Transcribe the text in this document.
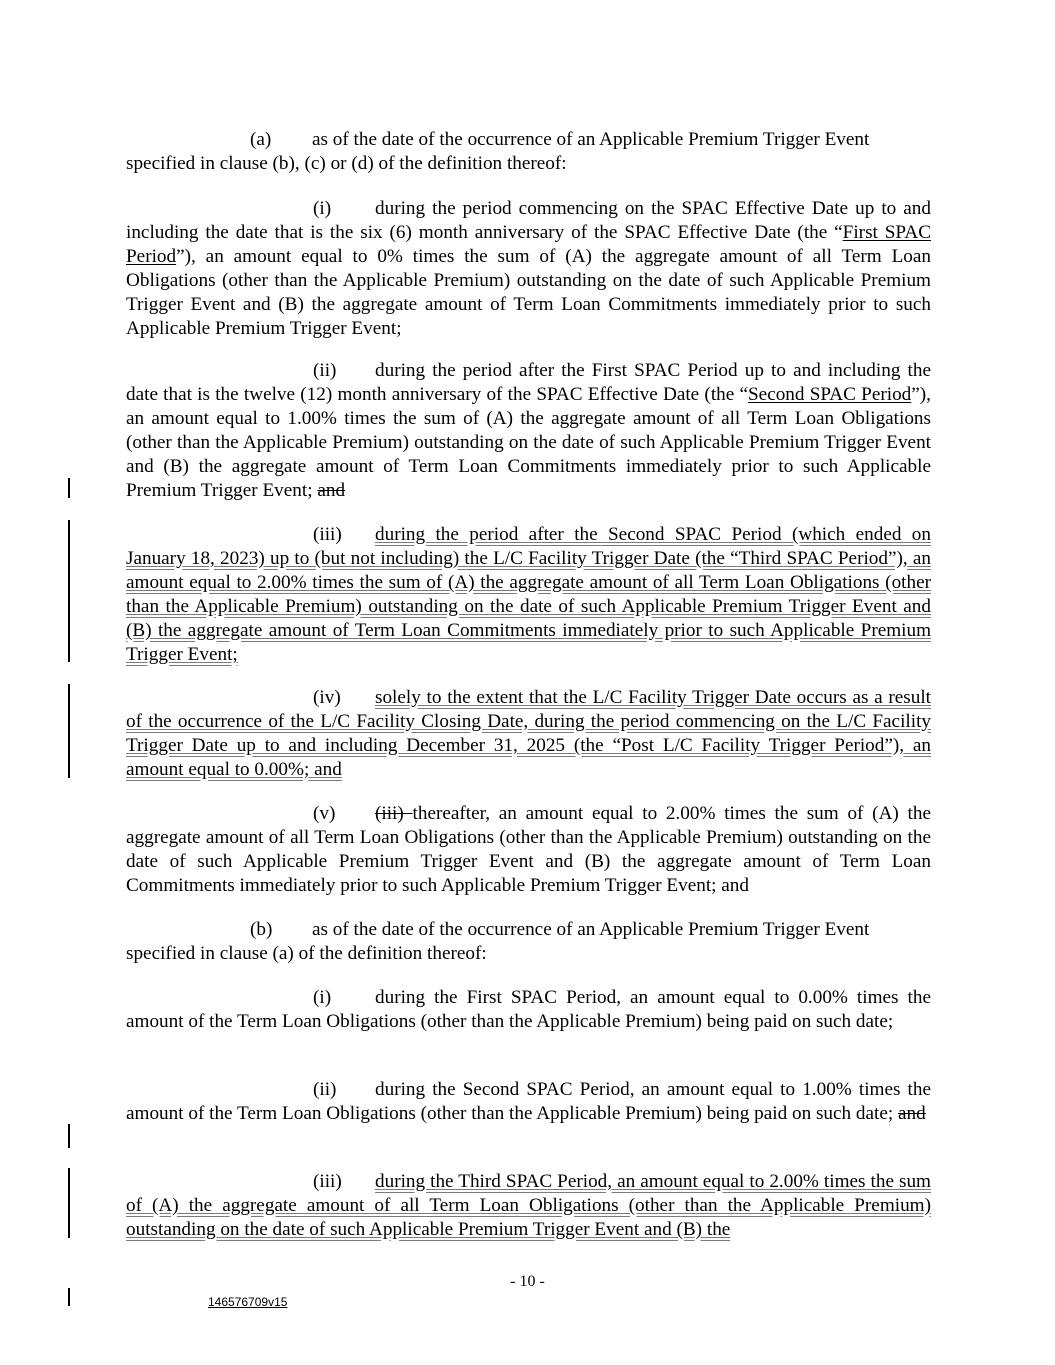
(a) as of the date of the occurrence of an Applicable Premium Trigger Event specified in clause (b), (c) or (d) of the definition thereof:

(i) during the period commencing on the SPAC Effective Date up to and including the date that is the six (6) month anniversary of the SPAC Effective Date (the “First SPAC Period”), an amount equal to 0% times the sum of (A) the aggregate amount of all Term Loan Obligations (other than the Applicable Premium) outstanding on the date of such Applicable Premium Trigger Event and (B) the aggregate amount of Term Loan Commitments immediately prior to such Applicable Premium Trigger Event;

(ii) during the period after the First SPAC Period up to and including the date that is the twelve (12) month anniversary of the SPAC Effective Date (the “Second SPAC Period”), an amount equal to 1.00% times the sum of (A) the aggregate amount of all Term Loan Obligations (other than the Applicable Premium) outstanding on the date of such Applicable Premium Trigger Event and (B) the aggregate amount of Term Loan Commitments immediately prior to such Applicable Premium Trigger Event; and

(iii) during the period after the Second SPAC Period (which ended on January 18, 2023) up to (but not including) the L/C Facility Trigger Date (the “Third SPAC Period”), an amount equal to 2.00% times the sum of (A) the aggregate amount of all Term Loan Obligations (other than the Applicable Premium) outstanding on the date of such Applicable Premium Trigger Event and (B) the aggregate amount of Term Loan Commitments immediately prior to such Applicable Premium Trigger Event;

(iv) solely to the extent that the L/C Facility Trigger Date occurs as a result of the occurrence of the L/C Facility Closing Date, during the period commencing on the L/C Facility Trigger Date up to and including December 31, 2025 (the “Post L/C Facility Trigger Period”), an amount equal to 0.00%; and

(v) (iii) thereafter, an amount equal to 2.00% times the sum of (A) the aggregate amount of all Term Loan Obligations (other than the Applicable Premium) outstanding on the date of such Applicable Premium Trigger Event and (B) the aggregate amount of Term Loan Commitments immediately prior to such Applicable Premium Trigger Event; and

(b) as of the date of the occurrence of an Applicable Premium Trigger Event specified in clause (a) of the definition thereof:

(i) during the First SPAC Period, an amount equal to 0.00% times the amount of the Term Loan Obligations (other than the Applicable Premium) being paid on such date;

(ii) during the Second SPAC Period, an amount equal to 1.00% times the amount of the Term Loan Obligations (other than the Applicable Premium) being paid on such date; and

(iii) during the Third SPAC Period, an amount equal to 2.00% times the sum of (A) the aggregate amount of all Term Loan Obligations (other than the Applicable Premium) outstanding on the date of such Applicable Premium Trigger Event and (B) the

- 10 -
146576709v15
